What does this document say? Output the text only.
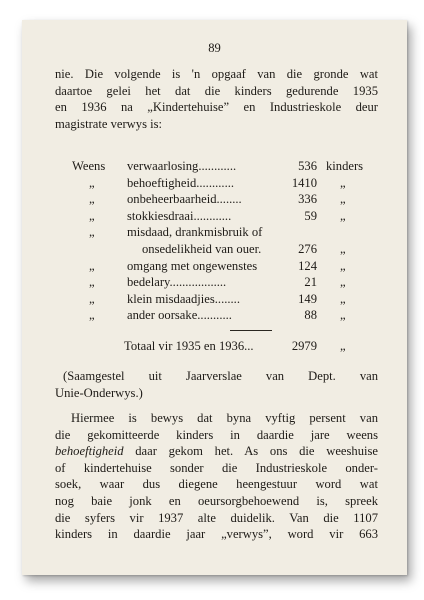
89
nie. Die volgende is 'n opgaaf van die gronde wat
daartoe gelei het dat die kinders gedurende 1935
en 1936 na „Kindertehuise” en Industrieskole deur
magistrate verwys is:
Weens	verwaarlosing............	536 kinders
„	behoeftigheid............	1410 „
„	onbeheerbaarheid........	336 „
„	stokkiesdraai............	59 „
„	misdaad, drankmisbruik of
onsedelikheid van ouer.	276 „
„	omgang met ongewenstes	124 „
„	bedelary..................	21 „
„	klein misdaadjies........	149 „
„	ander oorsake...........	88 „
Totaal vir 1935 en 1936...	2979 „
(Saamgestel uit Jaarverslae van Dept. van
Unie-Onderwys.)
Hiermee is bewys dat byna vyftig persent van
die gekomitteerde kinders in daardie jare weens
behoeftigheid daar gekom het. As ons die weeshuise
of kindertehuise sonder die Industrieskole onder-
soek, waar dus diegene heengestuur word wat
nog baie jonk en oeursorgbehoewend is, spreek
die syfers vir 1937 alte duidelik. Van die 1107
kinders in daardie jaar „verwys”, word vir 663
